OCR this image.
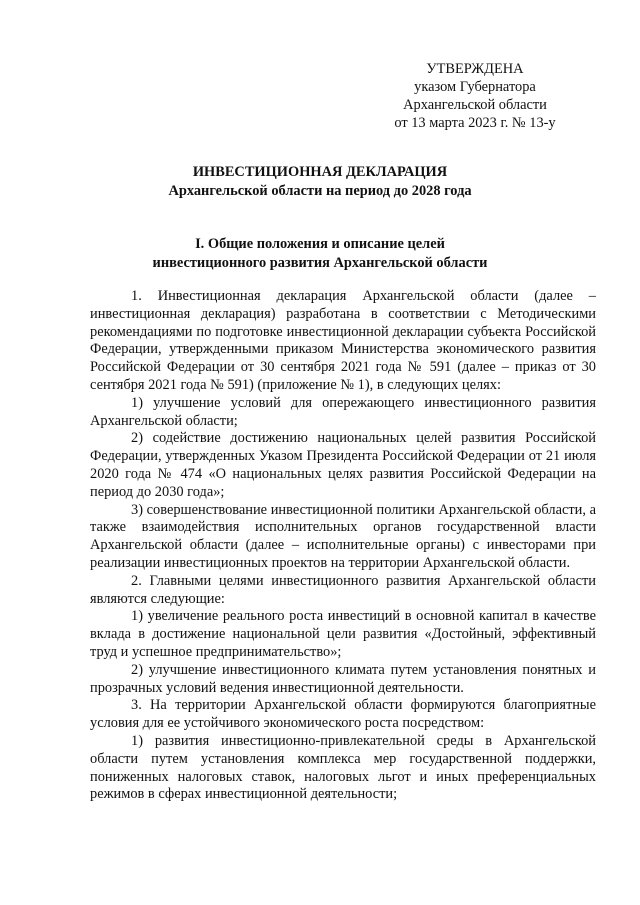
УТВЕРЖДЕНА
указом Губернатора
Архангельской области
от 13 марта 2023 г. № 13-у
ИНВЕСТИЦИОННАЯ ДЕКЛАРАЦИЯ
Архангельской области на период до 2028 года
I. Общие положения и описание целей
инвестиционного развития Архангельской области

1. Инвестиционная декларация Архангельской области (далее – инвестиционная декларация) разработана в соответствии с Методическими рекомендациями по подготовке инвестиционной декларации субъекта Российской Федерации, утвержденными приказом Министерства экономического развития Российской Федерации от 30 сентября 2021 года № 591 (далее – приказ от 30 сентября 2021 года № 591) (приложение № 1), в следующих целях:

1) улучшение условий для опережающего инвестиционного развития Архангельской области;

2) содействие достижению национальных целей развития Российской Федерации, утвержденных Указом Президента Российской Федерации от 21 июля 2020 года № 474 «О национальных целях развития Российской Федерации на период до 2030 года»;

3) совершенствование инвестиционной политики Архангельской области, а также взаимодействия исполнительных органов государственной власти Архангельской области (далее – исполнительные органы) с инвесторами при реализации инвестиционных проектов на территории Архангельской области.

2. Главными целями инвестиционного развития Архангельской области являются следующие:

1) увеличение реального роста инвестиций в основной капитал в качестве вклада в достижение национальной цели развития «Достойный, эффективный труд и успешное предпринимательство»;

2) улучшение инвестиционного климата путем установления понятных и прозрачных условий ведения инвестиционной деятельности.

3. На территории Архангельской области формируются благоприятные условия для ее устойчивого экономического роста посредством:

1) развития инвестиционно-привлекательной среды в Архангельской области путем установления комплекса мер государственной поддержки, пониженных налоговых ставок, налоговых льгот и иных преференциальных режимов в сферах инвестиционной деятельности;
